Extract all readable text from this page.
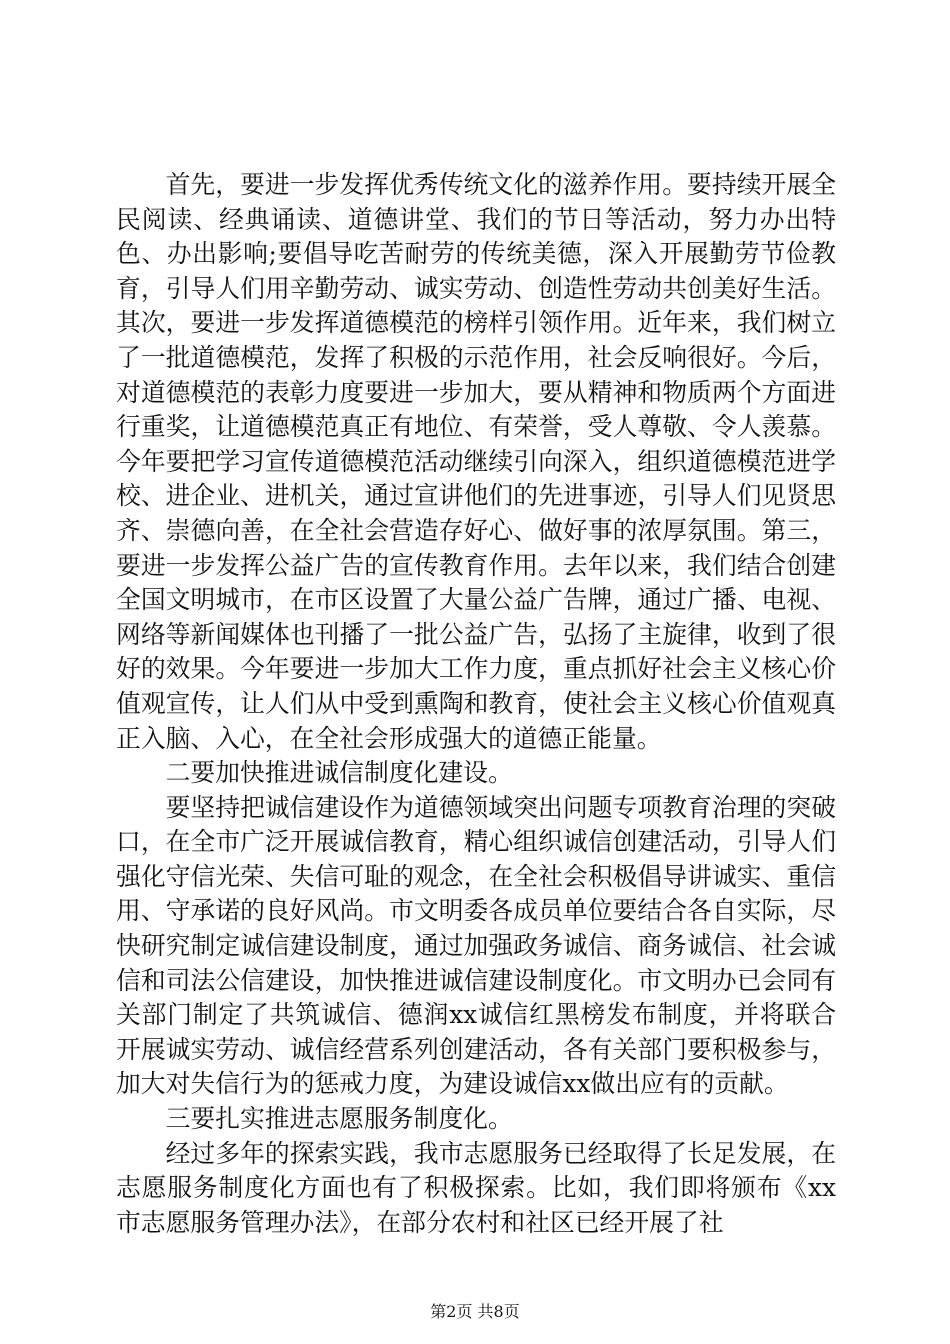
首先，要进一步发挥优秀传统文化的滋养作用。要持续开展全民阅读、经典诵读、道德讲堂、我们的节日等活动，努力办出特色、办出影响;要倡导吃苦耐劳的传统美德，深入开展勤劳节俭教育，引导人们用辛勤劳动、诚实劳动、创造性劳动共创美好生活。其次，要进一步发挥道德模范的榜样引领作用。近年来，我们树立了一批道德模范，发挥了积极的示范作用，社会反响很好。今后，对道德模范的表彰力度要进一步加大，要从精神和物质两个方面进行重奖，让道德模范真正有地位、有荣誉，受人尊敬、令人羡慕。今年要把学习宣传道德模范活动继续引向深入，组织道德模范进学校、进企业、进机关，通过宣讲他们的先进事迹，引导人们见贤思齐、崇德向善，在全社会营造存好心、做好事的浓厚氛围。第三，要进一步发挥公益广告的宣传教育作用。去年以来，我们结合创建全国文明城市，在市区设置了大量公益广告牌，通过广播、电视、网络等新闻媒体也刊播了一批公益广告，弘扬了主旋律，收到了很好的效果。今年要进一步加大工作力度，重点抓好社会主义核心价值观宣传，让人们从中受到熏陶和教育，使社会主义核心价值观真正入脑、入心，在全社会形成强大的道德正能量。

二要加快推进诚信制度化建设。

要坚持把诚信建设作为道德领域突出问题专项教育治理的突破口，在全市广泛开展诚信教育，精心组织诚信创建活动，引导人们强化守信光荣、失信可耻的观念，在全社会积极倡导讲诚实、重信用、守承诺的良好风尚。市文明委各成员单位要结合各自实际，尽快研究制定诚信建设制度，通过加强政务诚信、商务诚信、社会诚信和司法公信建设，加快推进诚信建设制度化。市文明办已会同有关部门制定了共筑诚信、德润xx诚信红黑榜发布制度，并将联合开展诚实劳动、诚信经营系列创建活动，各有关部门要积极参与，加大对失信行为的惩戒力度，为建设诚信xx做出应有的贡献。

三要扎实推进志愿服务制度化。

经过多年的探索实践，我市志愿服务已经取得了长足发展，在志愿服务制度化方面也有了积极探索。比如，我们即将颁布《xx市志愿服务管理办法》，在部分农村和社区已经开展了社

第2页 共8页
